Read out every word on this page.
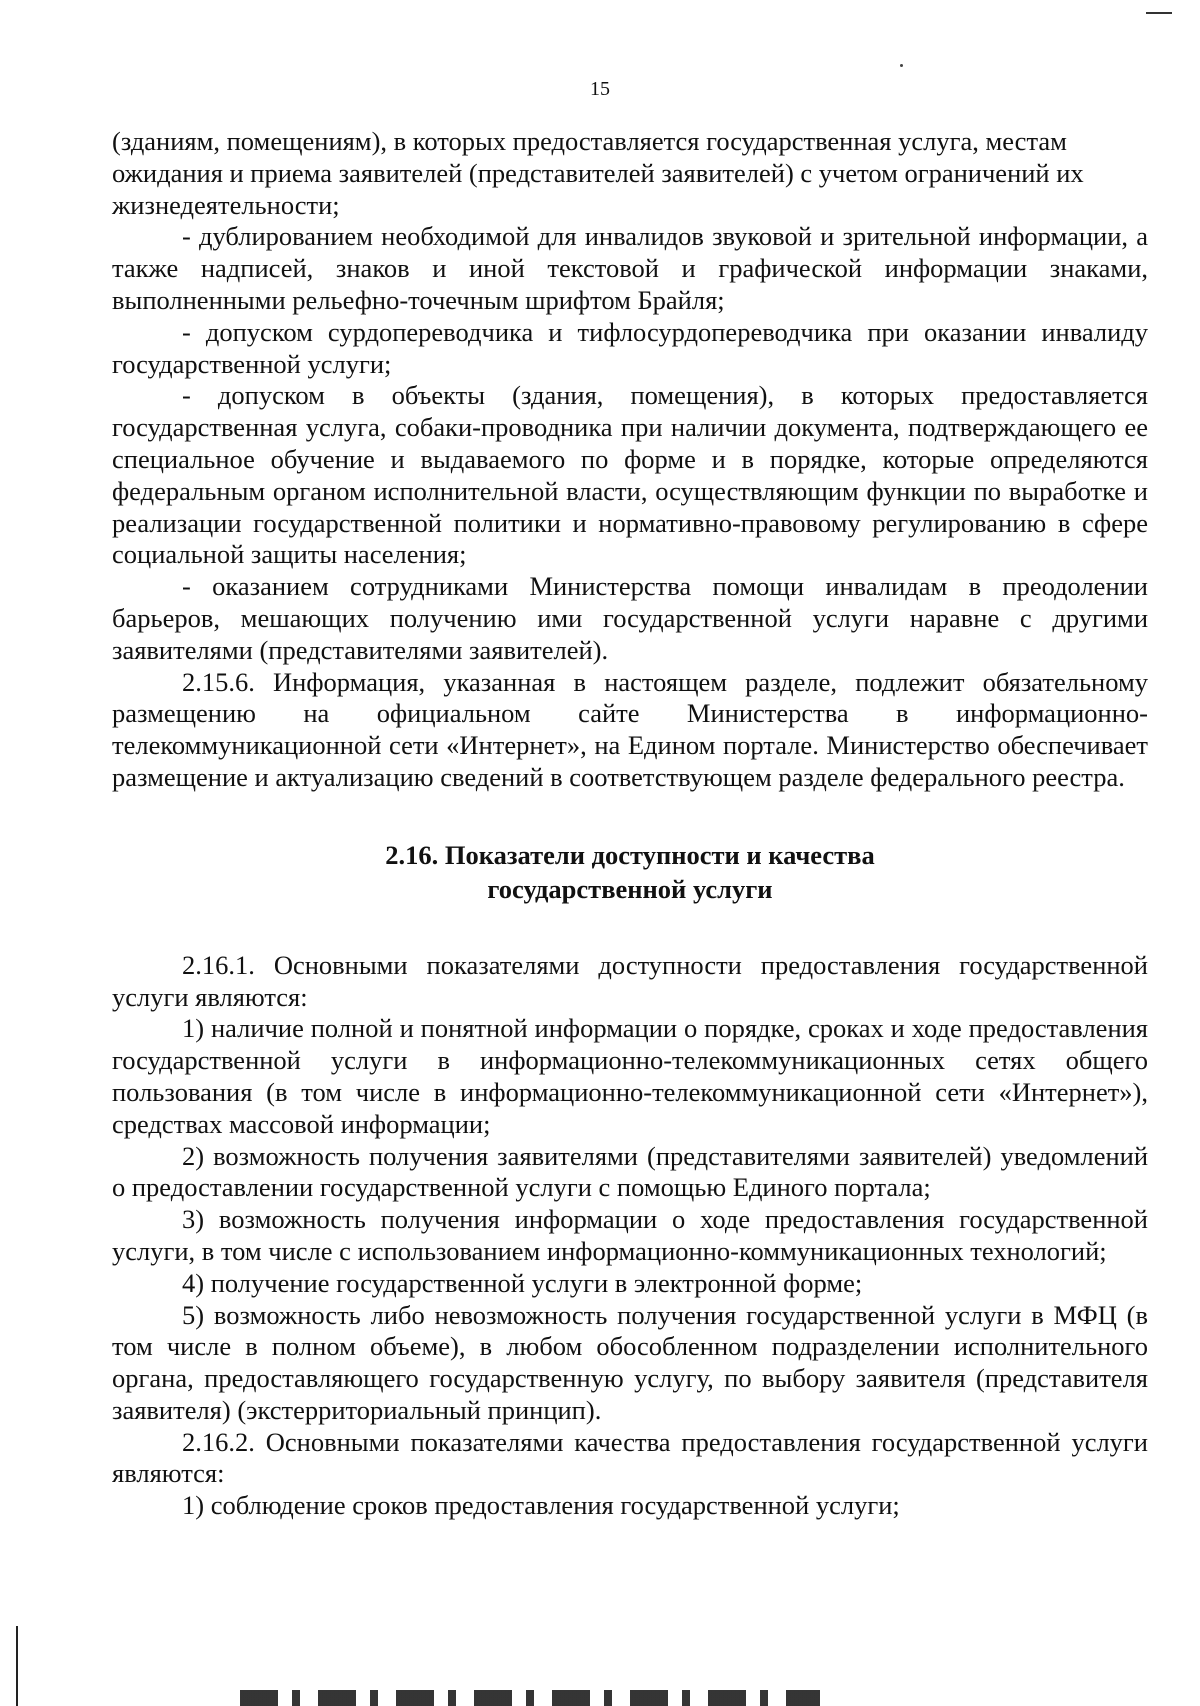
15

(зданиям, помещениям), в которых предоставляется государственная услуга, местам ожидания и приема заявителей (представителей заявителей) с учетом ограничений их жизнедеятельности;

- дублированием необходимой для инвалидов звуковой и зрительной информации, а также надписей, знаков и иной текстовой и графической информации знаками, выполненными рельефно-точечным шрифтом Брайля;

- допуском сурдопереводчика и тифлосурдопереводчика при оказании инвалиду государственной услуги;

- допуском в объекты (здания, помещения), в которых предоставляется государственная услуга, собаки-проводника при наличии документа, подтверждающего ее специальное обучение и выдаваемого по форме и в порядке, которые определяются федеральным органом исполнительной власти, осуществляющим функции по выработке и реализации государственной политики и нормативно-правовому регулированию в сфере социальной защиты населения;

- оказанием сотрудниками Министерства помощи инвалидам в преодолении барьеров, мешающих получению ими государственной услуги наравне с другими заявителями (представителями заявителей).

2.15.6. Информация, указанная в настоящем разделе, подлежит обязательному размещению на официальном сайте Министерства в информационно-телекоммуникационной сети «Интернет», на Едином портале. Министерство обеспечивает размещение и актуализацию сведений в соответствующем разделе федерального реестра.

2.16. Показатели доступности и качества
государственной услуги

2.16.1. Основными показателями доступности предоставления государственной услуги являются:

1) наличие полной и понятной информации о порядке, сроках и ходе предоставления государственной услуги в информационно-телекоммуникационных сетях общего пользования (в том числе в информационно-телекоммуникационной сети «Интернет»), средствах массовой информации;

2) возможность получения заявителями (представителями заявителей) уведомлений о предоставлении государственной услуги с помощью Единого портала;

3) возможность получения информации о ходе предоставления государственной услуги, в том числе с использованием информационно-коммуникационных технологий;

4) получение государственной услуги в электронной форме;

5) возможность либо невозможность получения государственной услуги в МФЦ (в том числе в полном объеме), в любом обособленном подразделении исполнительного органа, предоставляющего государственную услугу, по выбору заявителя (представителя заявителя) (экстерриториальный принцип).

2.16.2. Основными показателями качества предоставления государственной услуги являются:

1) соблюдение сроков предоставления государственной услуги;
